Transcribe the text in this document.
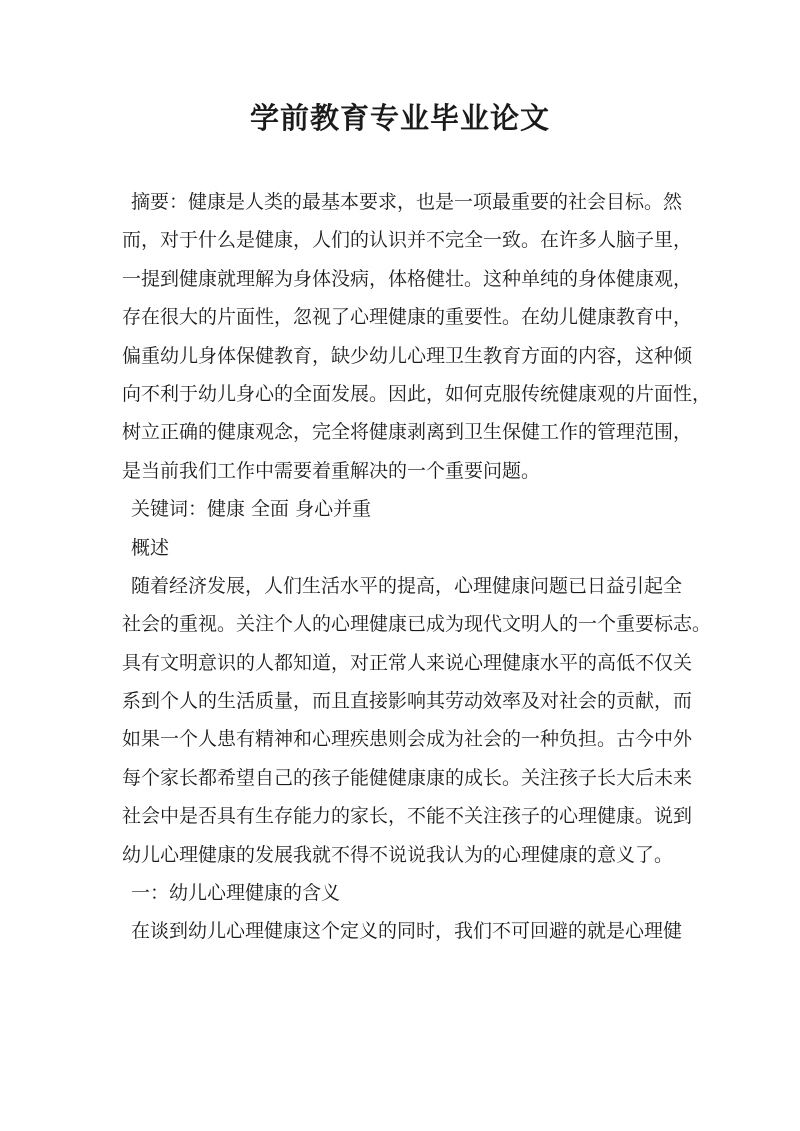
学前教育专业毕业论文
摘要：健康是人类的最基本要求，也是一项最重要的社会目标。然
而，对于什么是健康，人们的认识并不完全一致。在许多人脑子里，
一提到健康就理解为身体没病，体格健壮。这种单纯的身体健康观，
存在很大的片面性，忽视了心理健康的重要性。在幼儿健康教育中，
偏重幼儿身体保健教育，缺少幼儿心理卫生教育方面的内容，这种倾
向不利于幼儿身心的全面发展。因此，如何克服传统健康观的片面性，
树立正确的健康观念，完全将健康剥离到卫生保健工作的管理范围，
是当前我们工作中需要着重解决的一个重要问题。
关键词：健康 全面 身心并重
概述
随着经济发展，人们生活水平的提高，心理健康问题已日益引起全
社会的重视。关注个人的心理健康已成为现代文明人的一个重要标志。
具有文明意识的人都知道，对正常人来说心理健康水平的高低不仅关
系到个人的生活质量，而且直接影响其劳动效率及对社会的贡献，而
如果一个人患有精神和心理疾患则会成为社会的一种负担。古今中外
每个家长都希望自己的孩子能健健康康的成长。关注孩子长大后未来
社会中是否具有生存能力的家长，不能不关注孩子的心理健康。说到
幼儿心理健康的发展我就不得不说说我认为的心理健康的意义了。
一：幼儿心理健康的含义
在谈到幼儿心理健康这个定义的同时，我们不可回避的就是心理健
